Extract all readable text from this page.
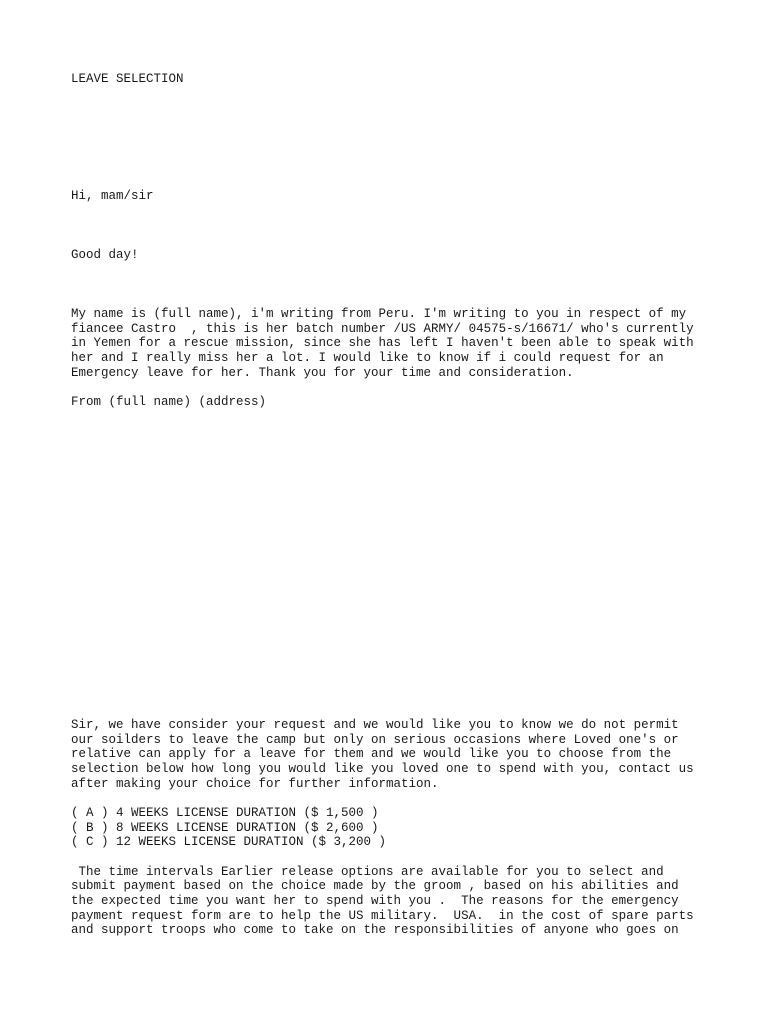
LEAVE SELECTION

Hi, mam/sir

Good day!

My name is (full name), i'm writing from Peru. I'm writing to you in respect of my

fiancee Castro  , this is her batch number /US ARMY/ 04575-s/16671/ who's currently

in Yemen for a rescue mission, since she has left I haven't been able to speak with

her and I really miss her a lot. I would like to know if i could request for an

Emergency leave for her. Thank you for your time and consideration.

From (full name) (address)

Sir, we have consider your request and we would like you to know we do not permit

our soilders to leave the camp but only on serious occasions where Loved one's or

relative can apply for a leave for them and we would like you to choose from the

selection below how long you would like you loved one to spend with you, contact us

after making your choice for further information.

( A ) 4 WEEKS LICENSE DURATION ($ 1,500 )

( B ) 8 WEEKS LICENSE DURATION ($ 2,600 )

( C ) 12 WEEKS LICENSE DURATION ($ 3,200 )

The time intervals Earlier release options are available for you to select and

submit payment based on the choice made by the groom , based on his abilities and

the expected time you want her to spend with you .  The reasons for the emergency

payment request form are to help the US military.  USA.  in the cost of spare parts

and support troops who come to take on the responsibilities of anyone who goes on
